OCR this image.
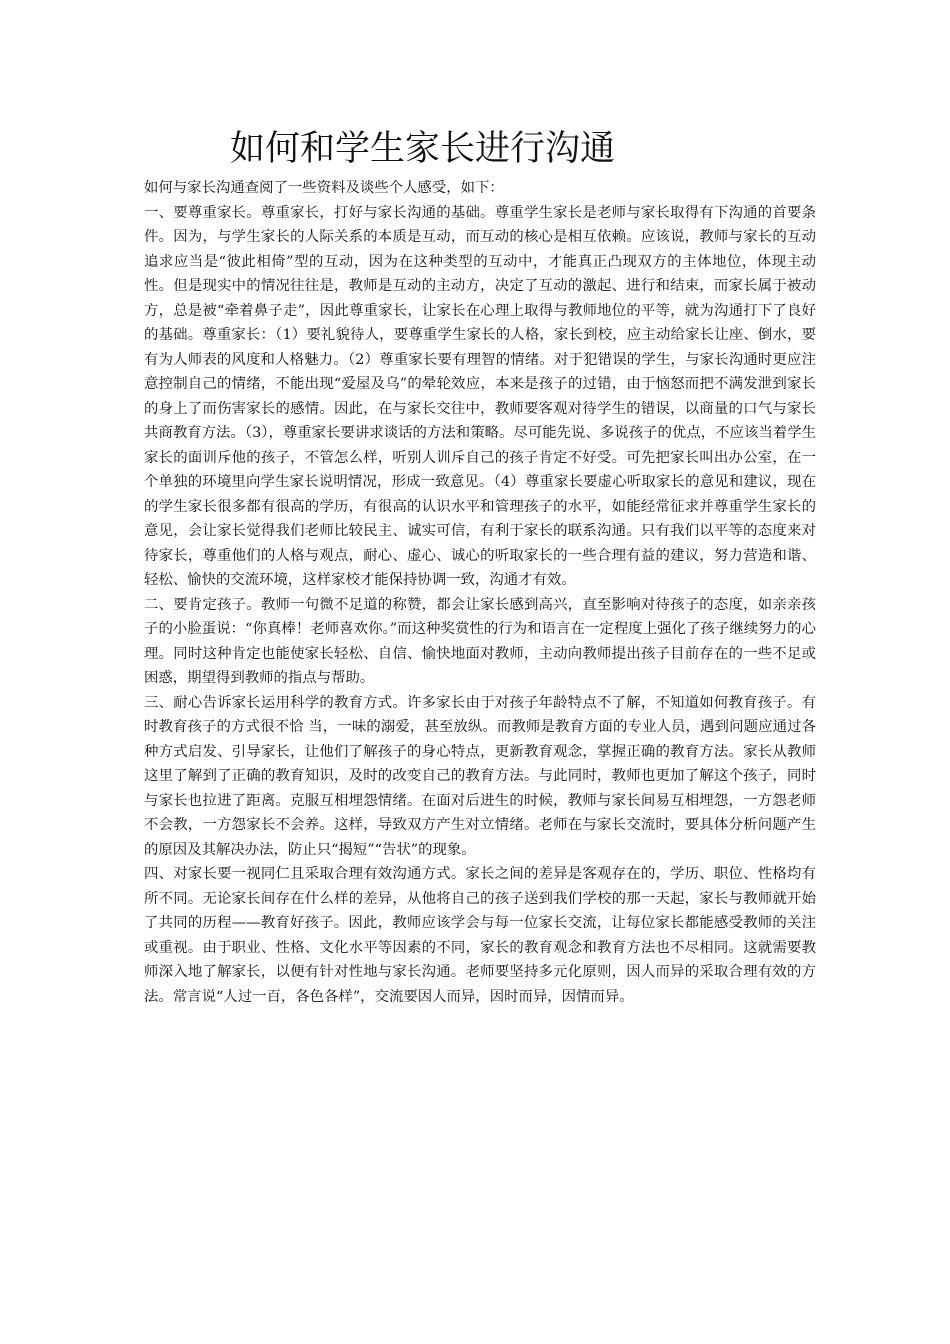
如何和学生家长进行沟通

如何与家长沟通查阅了一些资料及谈些个人感受，如下：

一、要尊重家长。尊重家长，打好与家长沟通的基础。尊重学生家长是老师与家长取得有下沟通的首要条件。因为，与学生家长的人际关系的本质是互动，而互动的核心是相互依赖。应该说，教师与家长的互动追求应当是“彼此相倚”型的互动，因为在这种类型的互动中，才能真正凸现双方的主体地位，体现主动性。但是现实中的情况往往是，教师是互动的主动方，决定了互动的激起、进行和结束，而家长属于被动方，总是被“牵着鼻子走”，因此尊重家长，让家长在心理上取得与教师地位的平等，就为沟通打下了良好的基础。尊重家长：（1）要礼貌待人，要尊重学生家长的人格，家长到校，应主动给家长让座、倒水，要有为人师表的风度和人格魅力。（2）尊重家长要有理智的情绪。对于犯错误的学生，与家长沟通时更应注意控制自己的情绪，不能出现“爱屋及乌”的晕轮效应，本来是孩子的过错，由于恼怒而把不满发泄到家长的身上了而伤害家长的感情。因此，在与家长交往中，教师要客观对待学生的错误，以商量的口气与家长共商教育方法。（3），尊重家长要讲求谈话的方法和策略。尽可能先说、多说孩子的优点，不应该当着学生家长的面训斥他的孩子，不管怎么样，听别人训斥自己的孩子肯定不好受。可先把家长叫出办公室，在一个单独的环境里向学生家长说明情况，形成一致意见。（4）尊重家长要虚心听取家长的意见和建议，现在的学生家长很多都有很高的学历，有很高的认识水平和管理孩子的水平，如能经常征求并尊重学生家长的意见，会让家长觉得我们老师比较民主、诚实可信，有利于家长的联系沟通。只有我们以平等的态度来对待家长，尊重他们的人格与观点，耐心、虚心、诚心的听取家长的一些合理有益的建议，努力营造和谐、轻松、愉快的交流环境，这样家校才能保持协调一致，沟通才有效。

二、要肯定孩子。教师一句微不足道的称赞，都会让家长感到高兴，直至影响对待孩子的态度，如亲亲孩子的小脸蛋说：“你真棒！老师喜欢你。”而这种奖赏性的行为和语言在一定程度上强化了孩子继续努力的心理。同时这种肯定也能使家长轻松、自信、愉快地面对教师，主动向教师提出孩子目前存在的一些不足或困惑，期望得到教师的指点与帮助。

三、耐心告诉家长运用科学的教育方式。许多家长由于对孩子年龄特点不了解，不知道如何教育孩子。有时教育孩子的方式很不恰 当，一味的溺爱，甚至放纵。而教师是教育方面的专业人员，遇到问题应通过各种方式启发、引导家长，让他们了解孩子的身心特点，更新教育观念，掌握正确的教育方法。家长从教师这里了解到了正确的教育知识，及时的改变自己的教育方法。与此同时，教师也更加了解这个孩子，同时与家长也拉进了距离。克服互相埋怨情绪。在面对后进生的时候，教师与家长间易互相埋怨，一方怨老师不会教，一方怨家长不会养。这样，导致双方产生对立情绪。老师在与家长交流时，要具体分析问题产生的原因及其解决办法，防止只“揭短”“告状”的现象。

四、对家长要一视同仁且采取合理有效沟通方式。家长之间的差异是客观存在的，学历、职位、性格均有所不同。无论家长间存在什么样的差异，从他将自己的孩子送到我们学校的那一天起，家长与教师就开始了共同的历程——教育好孩子。因此，教师应该学会与每一位家长交流，让每位家长都能感受教师的关注或重视。由于职业、性格、文化水平等因素的不同，家长的教育观念和教育方法也不尽相同。这就需要教师深入地了解家长，以便有针对性地与家长沟通。老师要坚持多元化原则，因人而异的采取合理有效的方法。常言说“人过一百，各色各样”，交流要因人而异，因时而异，因情而异。
